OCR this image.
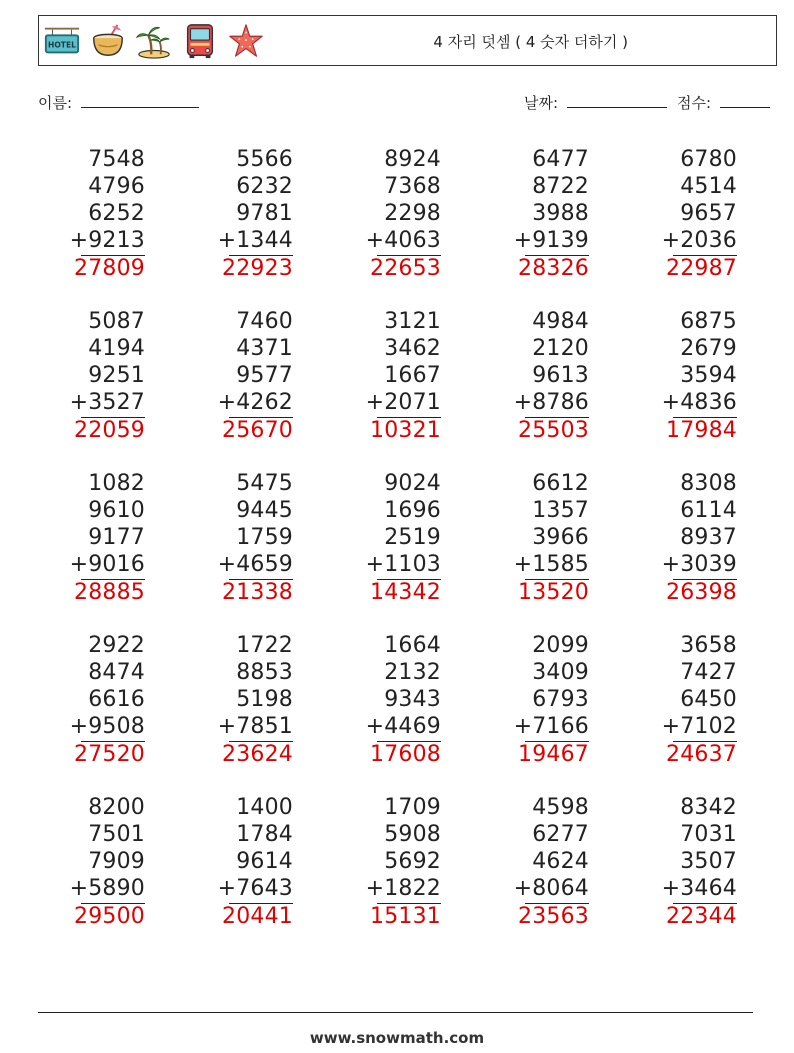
HOTEL	4 자리 덧셈 ( 4 숫자 더하기 )
이름:	날짜:	점수:
7548
4796
6252
+9213
27809
5566
6232
9781
+1344
22923
8924
7368
2298
+4063
22653
6477
8722
3988
+9139
28326
6780
4514
9657
+2036
22987
5087
4194
9251
+3527
22059
7460
4371
9577
+4262
25670
3121
3462
1667
+2071
10321
4984
2120
9613
+8786
25503
6875
2679
3594
+4836
17984
1082
9610
9177
+9016
28885
5475
9445
1759
+4659
21338
9024
1696
2519
+1103
14342
6612
1357
3966
+1585
13520
8308
6114
8937
+3039
26398
2922
8474
6616
+9508
27520
1722
8853
5198
+7851
23624
1664
2132
9343
+4469
17608
2099
3409
6793
+7166
19467
3658
7427
6450
+7102
24637
8200
7501
7909
+5890
29500
1400
1784
9614
+7643
20441
1709
5908
5692
+1822
15131
4598
6277
4624
+8064
23563
8342
7031
3507
+3464
22344
www.snowmath.com
